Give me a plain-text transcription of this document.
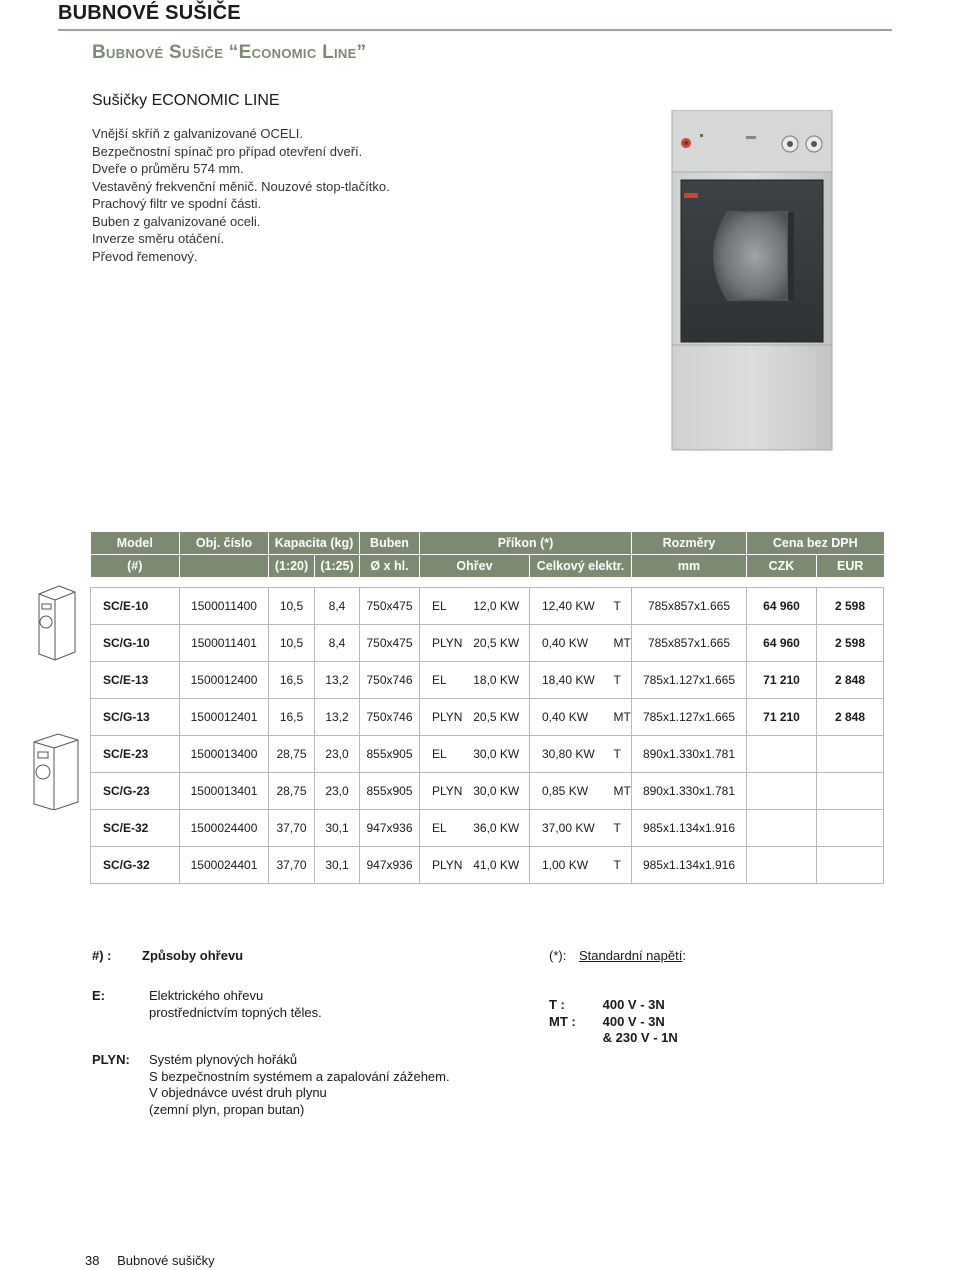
BUBNOVÉ SUŠIČE
Bubnové Sušiče “Economic Line”
Sušičky ECONOMIC LINE
Vnější skříň z galvanizované OCELI.
Bezpečnostní spínač pro případ otevření dveří.
Dveře o průměru 574 mm.
Vestavěný frekvenční měnič. Nouzové stop-tlačítko.
Prachový filtr ve spodní části.
Buben z galvanizované oceli.
Inverze směru otáčení.
Převod řemenový.
Model	Obj. číslo	Kapacita (kg)		Buben	Příkon (*)				Rozměry	Cena bez DPH	
(#)		(1:20)	(1:25)	Ø x hl.	Ohřev		Celkový elektr.		mm	CZK	EUR

SC/E-10	1500011400	10,5	8,4	750x475	EL	12,0 KW	12,40 KW	T	785x857x1.665	64 960	2 598
SC/G-10	1500011401	10,5	8,4	750x475	PLYN	20,5 KW	0,40 KW	MT	785x857x1.665	64 960	2 598
SC/E-13	1500012400	16,5	13,2	750x746	EL	18,0 KW	18,40 KW	T	785x1.127x1.665	71 210	2 848
SC/G-13	1500012401	16,5	13,2	750x746	PLYN	20,5 KW	0,40 KW	MT	785x1.127x1.665	71 210	2 848
SC/E-23	1500013400	28,75	23,0	855x905	EL	30,0 KW	30,80 KW	T	890x1.330x1.781		
SC/G-23	1500013401	28,75	23,0	855x905	PLYN	30,0 KW	0,85 KW	MT	890x1.330x1.781		
SC/E-32	1500024400	37,70	30,1	947x936	EL	36,0 KW	37,00 KW	T	985x1.134x1.916		
SC/G-32	1500024401	37,70	30,1	947x936	PLYN	41,0 KW	1,00 KW	T	985x1.134x1.916		
#) : Způsoby ohřevu
E:	Elektrického ohřevu
prostřednictvím topných těles.
PLYN: Systém plynových hořáků
S bezpečnostním systémem a zapalování zážehem.
V objednávce uvést druh plynu
(zemní plyn, propan butan)
(*): Standardní napětí:
T :	400 V - 3N
MT : 400 V - 3N
& 230 V - 1N
38 Bubnové sušičky
